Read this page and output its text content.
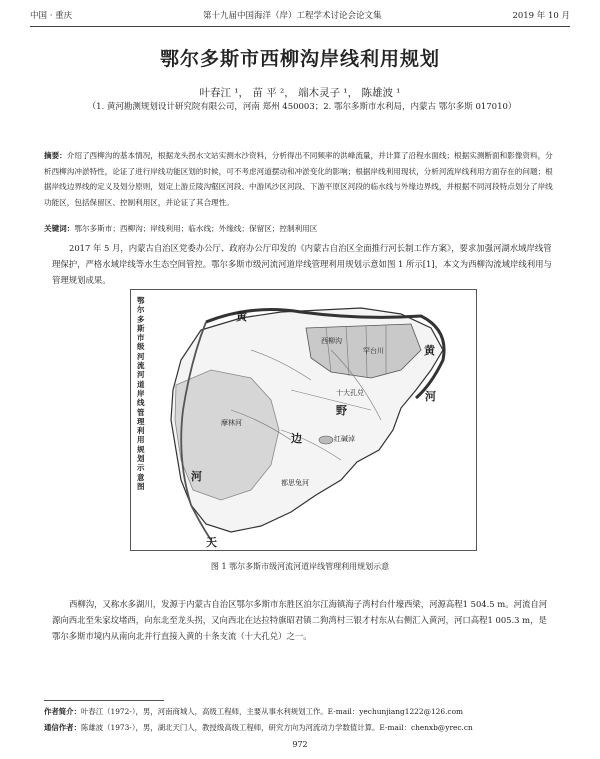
中国 · 重庆	第十九届中国海洋（岸）工程学术讨论会论文集	2019 年 10 月
鄂尔多斯市西柳沟岸线利用规划
叶春江 ¹， 苗 平 ²， 端木灵子 ¹， 陈雄波 ¹
（1. 黄河勘测规划设计研究院有限公司，河南 郑州 450003；2. 鄂尔多斯市水利局，内蒙古 鄂尔多斯 017010）
摘要：介绍了西柳沟的基本情况，根据龙头拐水文站实测水沙资料，分析得出不同频率的洪峰流量，并计算了沿程水面线；根据实测断面和影像资料，分析西柳沟冲淤特性，论证了进行岸线功能区划的时候，可不考虑河道摆动和冲淤变化的影响；根据岸线利用现状，分析河流岸线利用方面存在的问题；根据岸线边界线的定义及划分原则，划定上游丘陵沟壑区河段、中游风沙区河段、下游平原区河段的临水线与外缘边界线，并根据不同河段特点划分了岸线功能区，包括保留区、控制利用区，并论证了其合理性。
关键词：鄂尔多斯市；西柳沟；岸线利用；临水线；外缘线；保留区；控制利用区
2017 年 5 月，内蒙古自治区党委办公厅、政府办公厅印发的《内蒙古自治区全面推行河长制工作方案》，要求加强河湖水域岸线管理保护，严格水域岸线等水生态空间管控。鄂尔多斯市级河流河道岸线管理利用规划示意如图 1 所示[1]，本文为西柳沟流域岸线利用与管理规划成果。
鄂尔多斯市级河流河道岸线管理利用规划示意图
黄
河
黄
河
野
边	红碱淖
天
西柳沟
罕台川
十大孔兑
摩林河
都思兔河
图 1 鄂尔多斯市级河流河道岸线管理利用规划示意
西柳沟，又称水多湖川，发源于内蒙古自治区鄂尔多斯市东胜区泊尔江海镇海子湾村台什壕西梁，河源高程1 504.5 m。河流自河源向西北至朱家坟堵西，向东北至龙头拐，又向西北在达拉特旗昭君镇二狗湾村三银才村东从右侧汇入黄河，河口高程1 005.3 m，是鄂尔多斯市境内从南向北并行直接入黄的十条支流（十大孔兑）之一。
作者简介：叶春江（1972-），男，河南商城人，高级工程师，主要从事水利规划工作。E-mail：yechunjiang1222@126.com
通信作者：陈雄波（1973-），男，湖北天门人，教授级高级工程师，研究方向为河流动力学数值计算。E-mail：chenxb@yrec.cn
972
